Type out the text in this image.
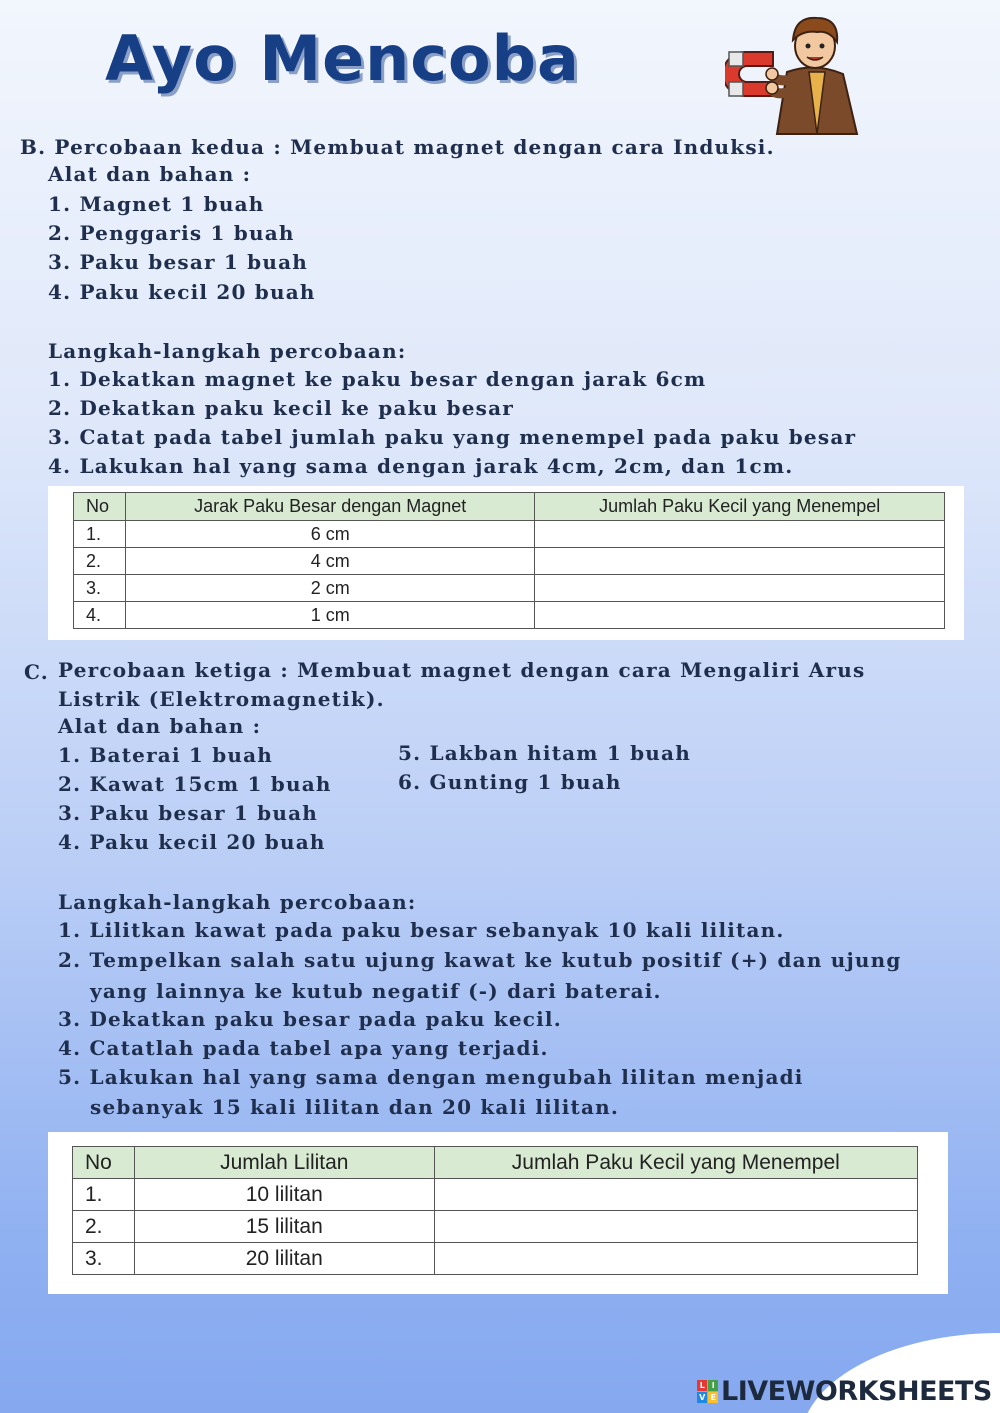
Ayo Mencoba

B. Percobaan kedua : Membuat magnet dengan cara Induksi.

Alat dan bahan :

1. Magnet 1 buah

2. Penggaris 1 buah

3. Paku besar 1 buah

4. Paku kecil 20 buah

Langkah-langkah percobaan:

1. Dekatkan magnet ke paku besar dengan jarak 6cm

2. Dekatkan paku kecil ke paku besar

3. Catat pada tabel jumlah paku yang menempel pada paku besar

4. Lakukan hal yang sama dengan jarak 4cm, 2cm, dan 1cm.

No	Jarak Paku Besar dengan Magnet	Jumlah Paku Kecil yang Menempel
1.	6 cm	
2.	4 cm	
3.	2 cm	
4.	1 cm	

C. Percobaan ketiga : Membuat magnet dengan cara Mengaliri Arus

Listrik (Elektromagnetik).

Alat dan bahan :

1. Baterai 1 buah

2. Kawat 15cm 1 buah

3. Paku besar 1 buah

4. Paku kecil 20 buah

5. Lakban hitam 1 buah

6. Gunting 1 buah

Langkah-langkah percobaan:

1. Lilitkan kawat pada paku besar sebanyak 10 kali lilitan.

2. Tempelkan salah satu ujung kawat ke kutub positif (+) dan ujung

yang lainnya ke kutub negatif (-) dari baterai.

3. Dekatkan paku besar pada paku kecil.

4. Catatlah pada tabel apa yang terjadi.

5. Lakukan hal yang sama dengan mengubah lilitan menjadi

sebanyak 15 kali lilitan dan 20 kali lilitan.

No	Jumlah Lilitan	Jumlah Paku Kecil yang Menempel
1.	10 lilitan	
2.	15 lilitan	
3.	20 lilitan	
L I
V E LIVEWORKSHEETS
